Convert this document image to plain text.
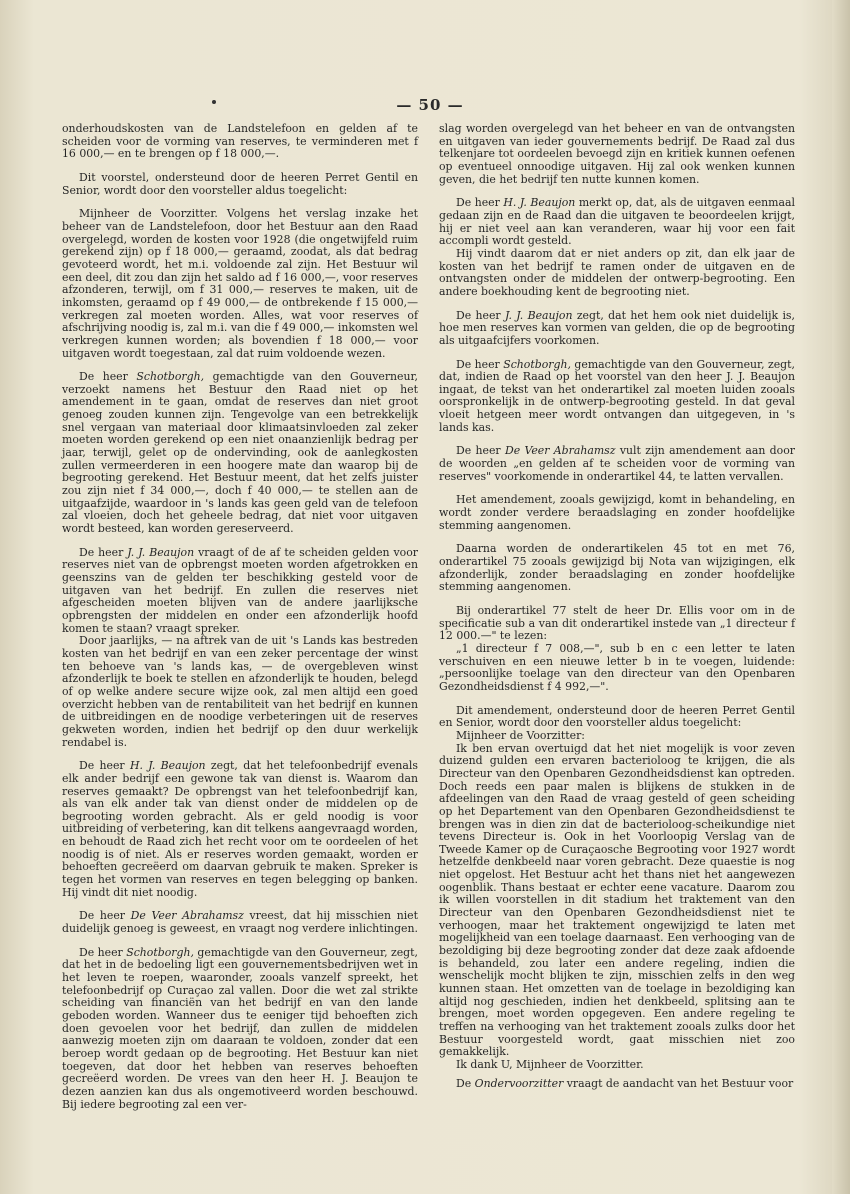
— 50 —

onderhoudskosten van de Landstelefoon en gelden af te scheiden voor de vorming van reserves, te verminderen met f 16 000,— en te brengen op f 18 000,—.

Dit voorstel, ondersteund door de heeren Perret Gentil en Senior, wordt door den voorsteller aldus toegelicht:

Mijnheer de Voorzitter. Volgens het verslag inzake het beheer van de Landstelefoon, door het Bestuur aan den Raad overgelegd, worden de kosten voor 1928 (die ongetwijfeld ruim gerekend zijn) op f 18 000,— geraamd, zoodat, als dat bedrag gevoteerd wordt, het m.i. voldoende zal zijn. Het Bestuur wil een deel, dit zou dan zijn het saldo ad f 16 000,—, voor reserves afzonderen, terwijl, om f 31 000,— reserves te maken, uit de inkomsten, geraamd op f 49 000,— de ontbrekende f 15 000,— verkregen zal moeten worden. Alles, wat voor reserves of afschrijving noodig is, zal m.i. van die f 49 000,— inkomsten wel verkregen kunnen worden; als bovendien f 18 000,— voor uitgaven wordt toegestaan, zal dat ruim voldoende wezen.

De heer Schotborgh, gemachtigde van den Gouverneur, verzoekt namens het Bestuur den Raad niet op het amendement in te gaan, omdat de reserves dan niet groot genoeg zouden kunnen zijn. Tengevolge van een betrekkelijk snel vergaan van materiaal door klimaatsinvloeden zal zeker moeten worden gerekend op een niet onaanzienlijk bedrag per jaar, terwijl, gelet op de ondervinding, ook de aanlegkosten zullen vermeerderen in een hoogere mate dan waarop bij de begrooting gerekend. Het Bestuur meent, dat het zelfs juister zou zijn niet f 34 000,—, doch f 40 000,— te stellen aan de uitgaafzijde, waardoor in 's lands kas geen geld van de telefoon zal vloeien, doch het geheele bedrag, dat niet voor uitgaven wordt besteed, kan worden gereserveerd.

De heer J. J. Beaujon vraagt of de af te scheiden gelden voor reserves niet van de opbrengst moeten worden afgetrokken en geenszins van de gelden ter beschikking gesteld voor de uitgaven van het bedrijf. En zullen die reserves niet afgescheiden moeten blijven van de andere jaarlijksche opbrengsten der middelen en onder een afzonderlijk hoofd komen te staan? vraagt spreker.

Door jaarlijks, — na aftrek van de uit 's Lands kas bestreden kosten van het bedrijf en van een zeker percentage der winst ten behoeve van 's lands kas, — de overgebleven winst afzonderlijk te boek te stellen en afzonderlijk te houden, belegd of op welke andere secure wijze ook, zal men altijd een goed overzicht hebben van de rentabiliteit van het bedrijf en kunnen de uitbreidingen en de noodige verbeteringen uit de reserves gekweten worden, indien het bedrijf op den duur werkelijk rendabel is.

De heer H. J. Beaujon zegt, dat het telefoonbedrijf evenals elk ander bedrijf een gewone tak van dienst is. Waarom dan reserves gemaakt? De opbrengst van het telefoonbedrijf kan, als van elk ander tak van dienst onder de middelen op de begrooting worden gebracht. Als er geld noodig is voor uitbreiding of verbetering, kan dit telkens aangevraagd worden, en behoudt de Raad zich het recht voor om te oordeelen of het noodig is of niet. Als er reserves worden gemaakt, worden er behoeften gecreëerd om daarvan gebruik te maken. Spreker is tegen het vormen van reserves en tegen belegging op banken. Hij vindt dit niet noodig.

De heer De Veer Abrahamsz vreest, dat hij misschien niet duidelijk genoeg is geweest, en vraagt nog verdere inlichtingen.

De heer Schotborgh, gemachtigde van den Gouverneur, zegt, dat het in de bedoeling ligt een gouvernementsbedrijven wet in het leven te roepen, waaronder, zooals vanzelf spreekt, het telefoonbedrijf op Curaçao zal vallen. Door die wet zal strikte scheiding van financiën van het bedrijf en van den lande geboden worden. Wanneer dus te eeniger tijd behoeften zich doen gevoelen voor het bedrijf, dan zullen de middelen aanwezig moeten zijn om daaraan te voldoen, zonder dat een beroep wordt gedaan op de begrooting. Het Bestuur kan niet toegeven, dat door het hebben van reserves behoeften gecreëerd worden. De vrees van den heer H. J. Beaujon te dezen aanzien kan dus als ongemotiveerd worden beschouwd. Bij iedere begrooting zal een ver-

slag worden overgelegd van het beheer en van de ontvangsten en uitgaven van ieder gouvernements bedrijf. De Raad zal dus telkenjare tot oordeelen bevoegd zijn en kritiek kunnen oefenen op eventueel onnoodige uitgaven. Hij zal ook wenken kunnen geven, die het bedrijf ten nutte kunnen komen.

De heer H. J. Beaujon merkt op, dat, als de uitgaven eenmaal gedaan zijn en de Raad dan die uitgaven te beoordeelen krijgt, hij er niet veel aan kan veranderen, waar hij voor een fait accompli wordt gesteld.

Hij vindt daarom dat er niet anders op zit, dan elk jaar de kosten van het bedrijf te ramen onder de uitgaven en de ontvangsten onder de middelen der ontwerp-begrooting. Een andere boekhouding kent de begrooting niet.

De heer J. J. Beaujon zegt, dat het hem ook niet duidelijk is, hoe men reserves kan vormen van gelden, die op de begrooting als uitgaafcijfers voorkomen.

De heer Schotborgh, gemachtigde van den Gouverneur, zegt, dat, indien de Raad op het voorstel van den heer J. J. Beaujon ingaat, de tekst van het onderartikel zal moeten luiden zooals oorspronkelijk in de ontwerp-begrooting gesteld. In dat geval vloeit hetgeen meer wordt ontvangen dan uitgegeven, in 's lands kas.

De heer De Veer Abrahamsz vult zijn amendement aan door de woorden „en gelden af te scheiden voor de vorming van reserves" voorkomende in onderartikel 44, te latten vervallen.

Het amendement, zooals gewijzigd, komt in behandeling, en wordt zonder verdere beraadslaging en zonder hoofdelijke stemming aangenomen.

Daarna worden de onderartikelen 45 tot en met 76, onderartikel 75 zooals gewijzigd bij Nota van wijzigingen, elk afzonderlijk, zonder beraadslaging en zonder hoofdelijke stemming aangenomen.

Bij onderartikel 77 stelt de heer Dr. Ellis voor om in de specificatie sub a van dit onderartikel instede van „1 directeur f 12 000.—" te lezen:

„1 directeur f 7 008,—", sub b en c een letter te laten verschuiven en een nieuwe letter b in te voegen, luidende: „persoonlijke toelage van den directeur van den Openbaren Gezondheidsdienst f 4 992,—".

Dit amendement, ondersteund door de heeren Perret Gentil en Senior, wordt door den voorsteller aldus toegelicht:

Mijnheer de Voorzitter:

Ik ben ervan overtuigd dat het niet mogelijk is voor zeven duizend gulden een ervaren bacterioloog te krijgen, die als Directeur van den Openbaren Gezondheidsdienst kan optreden. Doch reeds een paar malen is blijkens de stukken in de afdeelingen van den Raad de vraag gesteld of geen scheiding op het Departement van den Openbaren Gezondheidsdienst te brengen was in dien zin dat de bacterioloog-scheikundige niet tevens Directeur is. Ook in het Voorloopig Verslag van de Tweede Kamer op de Curaçaosche Begrooting voor 1927 wordt hetzelfde denkbeeld naar voren gebracht. Deze quaestie is nog niet opgelost. Het Bestuur acht het thans niet het aangewezen oogenblik. Thans bestaat er echter eene vacature. Daarom zou ik willen voorstellen in dit stadium het traktement van den Directeur van den Openbaren Gezondheidsdienst niet te verhoogen, maar het traktement ongewijzigd te laten met mogelijkheid van een toelage daarnaast. Een verhooging van de bezoldiging bij deze begrooting zonder dat deze zaak afdoende is behandeld, zou later een andere regeling, indien die wenschelijk mocht blijken te zijn, misschien zelfs in den weg kunnen staan. Het omzetten van de toelage in bezoldiging kan altijd nog geschieden, indien het denkbeeld, splitsing aan te brengen, moet worden opgegeven. Een andere regeling te treffen na verhooging van het traktement zooals zulks door het Bestuur voorgesteld wordt, gaat misschien niet zoo gemakkelijk.

Ik dank U, Mijnheer de Voorzitter.

De Ondervoorzitter vraagt de aandacht van het Bestuur voor
